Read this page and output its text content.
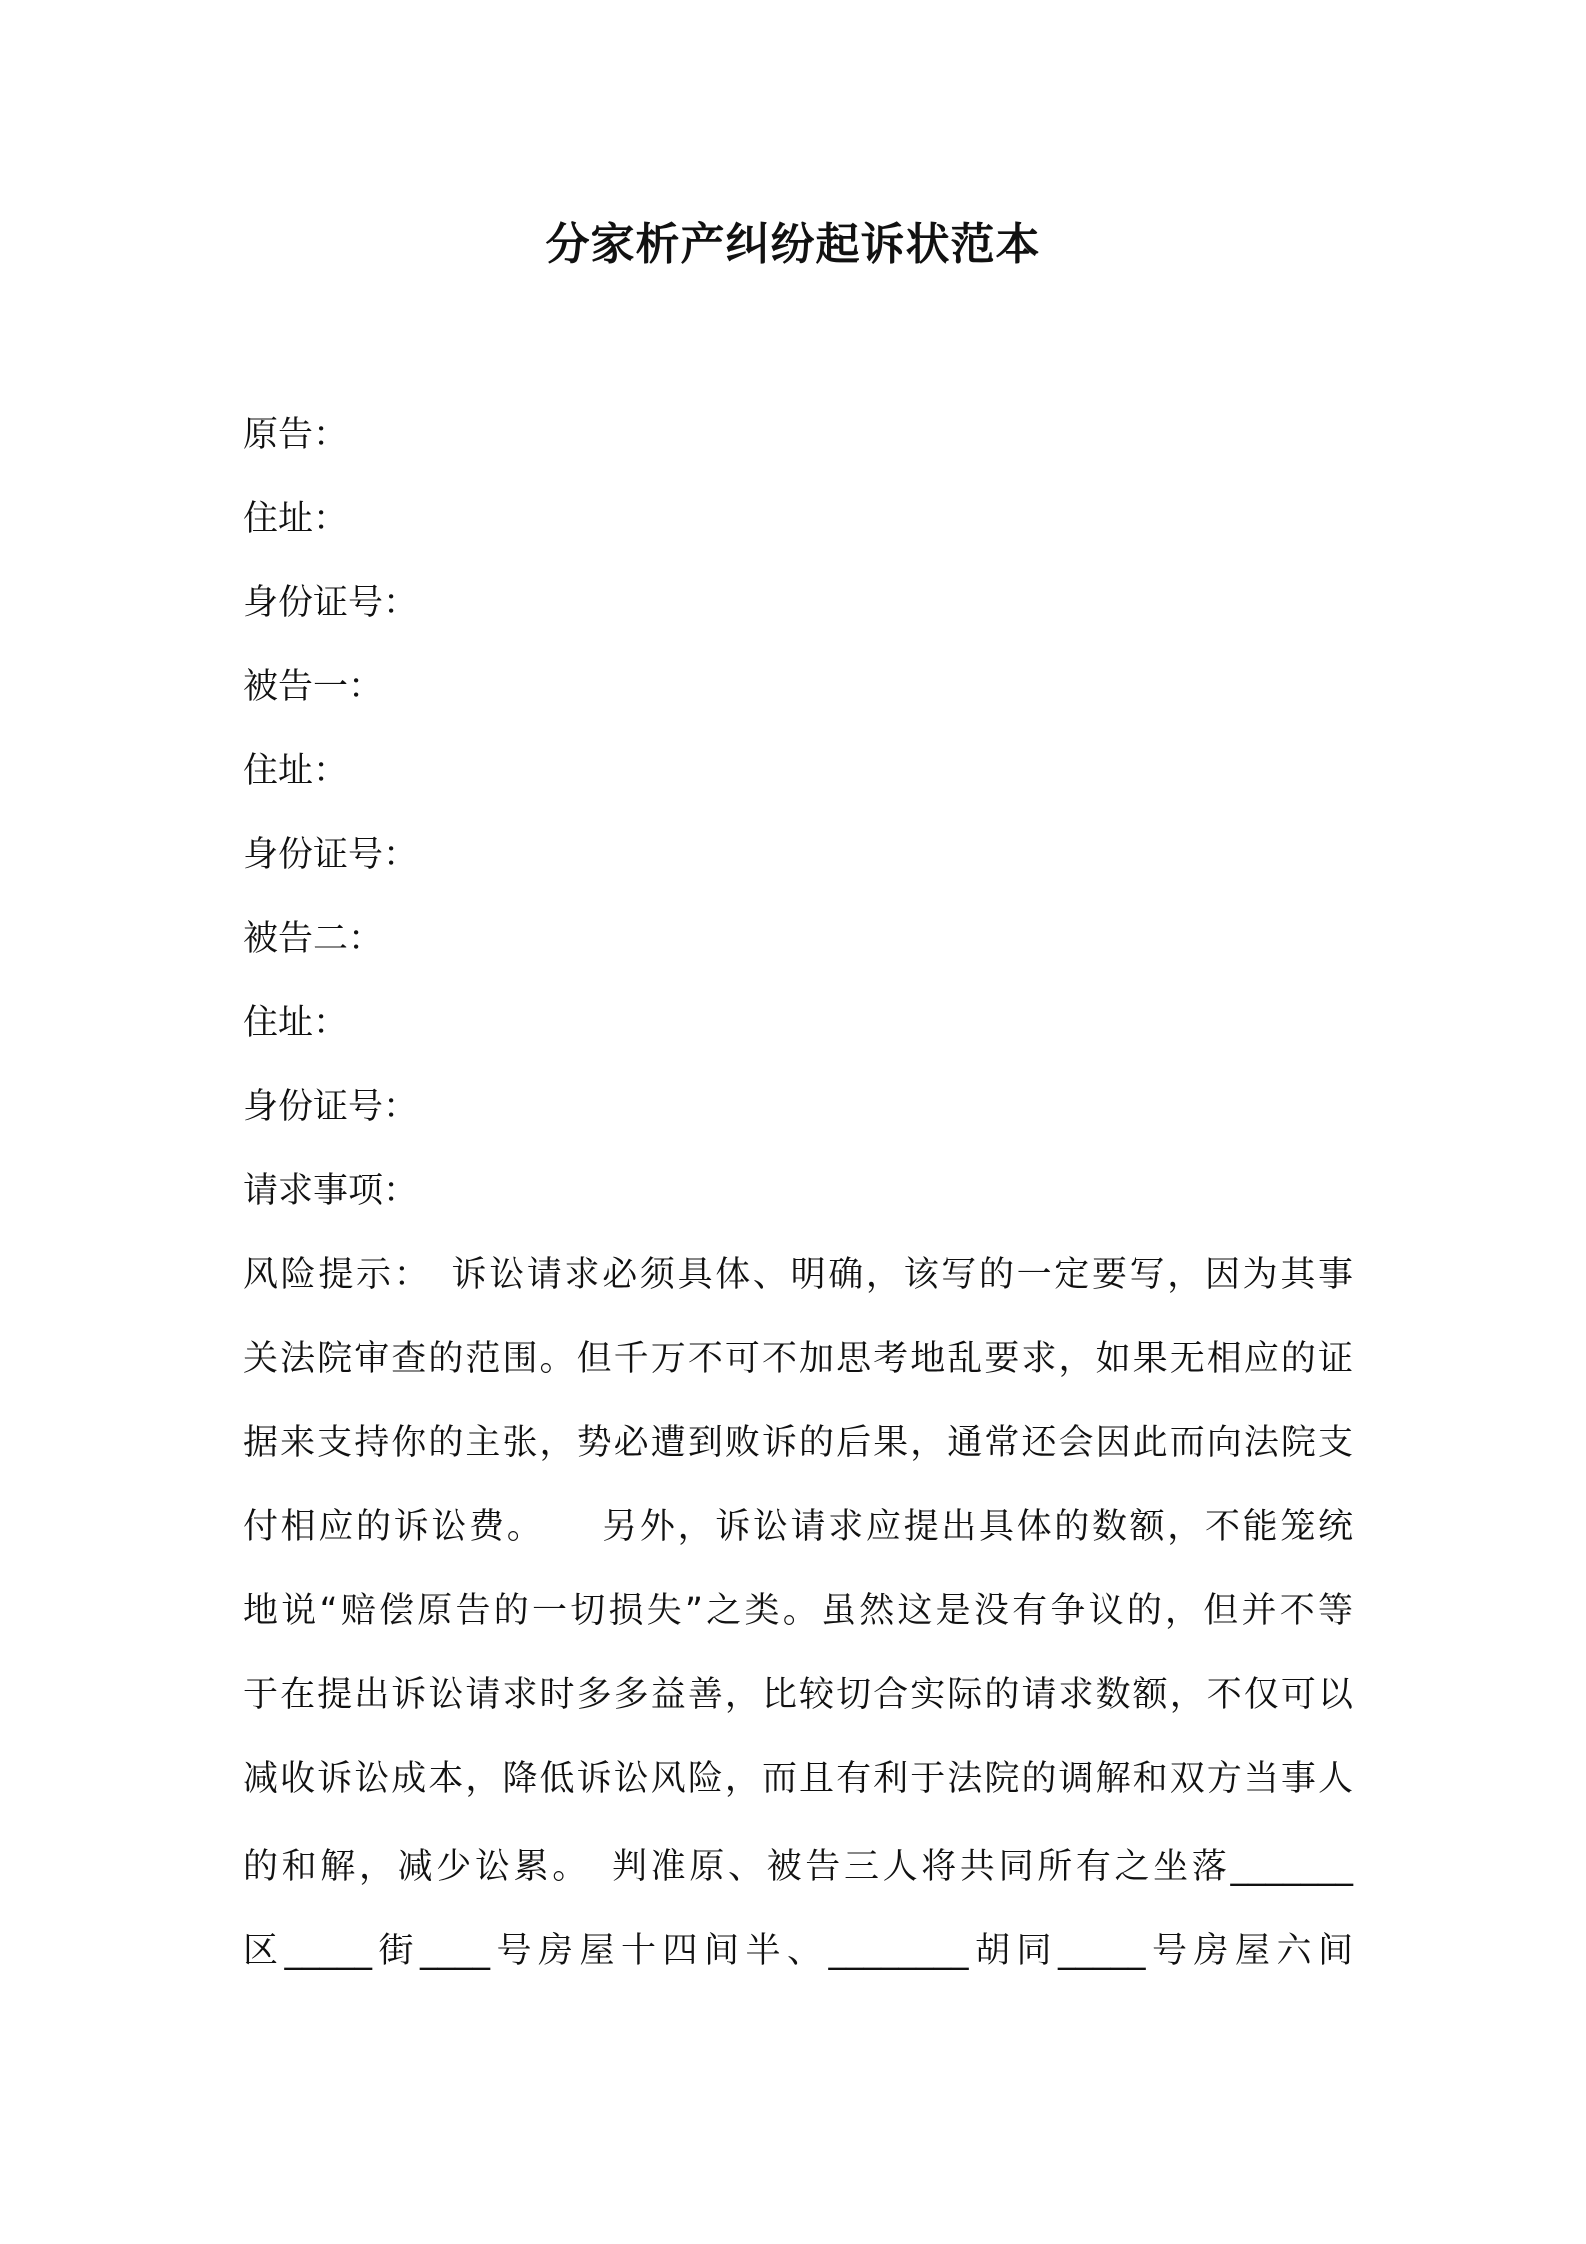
分家析产纠纷起诉状范本
原告：
住址：
身份证号：
被告一：
住址：
身份证号：
被告二：
住址：
身份证号：
请求事项：
风险提示：　诉讼请求必须具体、明确，该写的一定要写，因为其事
关法院审查的范围。但千万不可不加思考地乱要求，如果无相应的证
据来支持你的主张，势必遭到败诉的后果，通常还会因此而向法院支
付相应的诉讼费。　　另外，诉讼请求应提出具体的数额，不能笼统
地说“赔偿原告的一切损失”之类。虽然这是没有争议的，但并不等
于在提出诉讼请求时多多益善，比较切合实际的请求数额，不仅可以
减收诉讼成本，降低诉讼风险，而且有利于法院的调解和双方当事人
的和解，减少讼累。　判准原、被告三人将共同所有之坐落_______
区_____街____号房屋十四间半、________胡同_____号房屋六间
